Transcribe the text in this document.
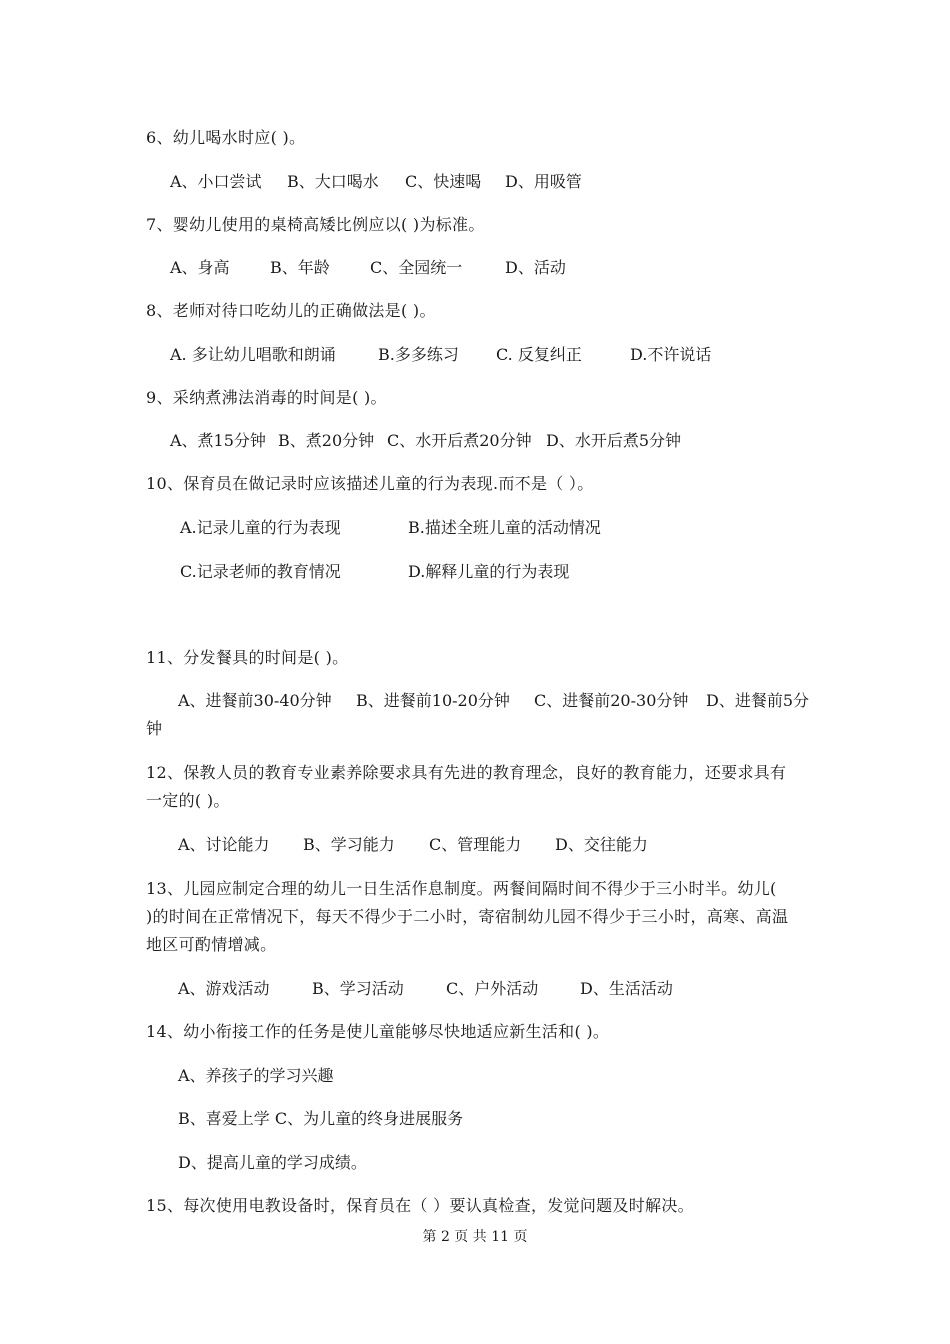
6、幼儿喝水时应( )。
A、小口尝试 B、大口喝水 C、快速喝 D、用吸管
7、婴幼儿使用的桌椅高矮比例应以( )为标准。
A、身高	B、年龄	C、全园统一	D、活动
8、老师对待口吃幼儿的正确做法是( )。
A. 多让幼儿唱歌和朗诵	B.多多练习 C. 反复纠正	D.不许说话
9、采纳煮沸法消毒的时间是( )。
A、煮15分钟 B、煮20分钟 C、水开后煮20分钟 D、水开后煮5分钟
10、保育员在做记录时应该描述儿童的行为表现.而不是（ ）。
A.记录儿童的行为表现	B.描述全班儿童的活动情况
C.记录老师的教育情况	D.解释儿童的行为表现
11、分发餐具的时间是( )。
A、进餐前30-40分钟 B、进餐前10-20分钟 C、进餐前20-30分钟 D、进餐前5分
钟
12、保教人员的教育专业素养除要求具有先进的教育理念，良好的教育能力，还要求具有
一定的( )。
A、讨论能力 B、学习能力 C、管理能力 D、交往能力
13、儿园应制定合理的幼儿一日生活作息制度。两餐间隔时间不得少于三小时半。幼儿(
)的时间在正常情况下，每天不得少于二小时，寄宿制幼儿园不得少于三小时，高寒、高温
地区可酌情增减。
A、游戏活动	B、学习活动	C、户外活动	D、生活活动
14、幼小衔接工作的任务是使儿童能够尽快地适应新生活和( )。
A、养孩子的学习兴趣
B、喜爱上学 C、为儿童的终身进展服务
D、提高儿童的学习成绩。
15、每次使用电教设备时，保育员在（ ）要认真检查，发觉问题及时解决。
第 2 页 共 11 页
